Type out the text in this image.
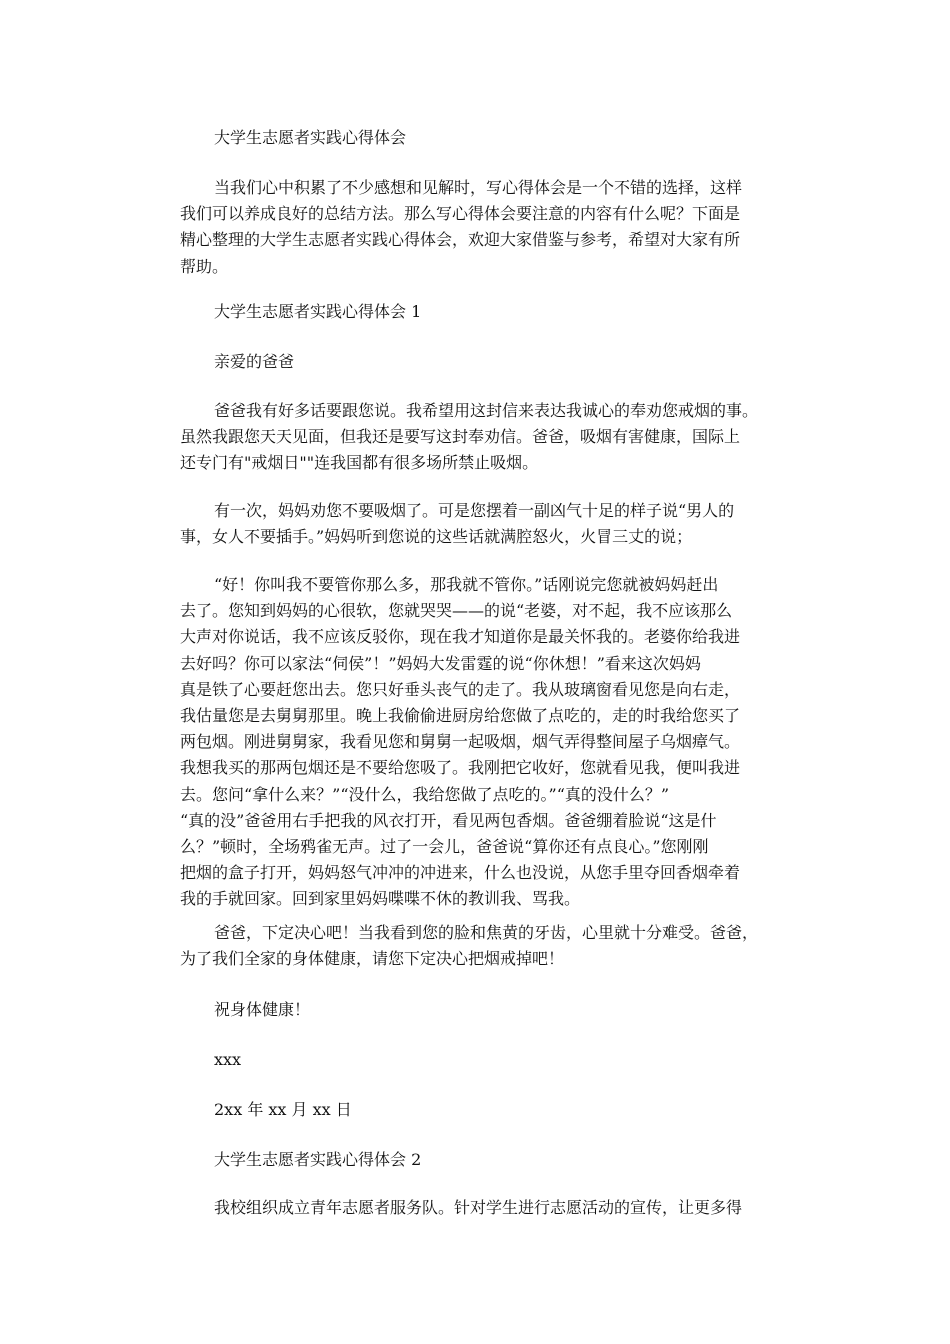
大学生志愿者实践心得体会
当我们心中积累了不少感想和见解时，写心得体会是一个不错的选择，这样
我们可以养成良好的总结方法。那么写心得体会要注意的内容有什么呢？下面是
精心整理的大学生志愿者实践心得体会，欢迎大家借鉴与参考，希望对大家有所
帮助。
大学生志愿者实践心得体会 1
亲爱的爸爸
爸爸我有好多话要跟您说。我希望用这封信来表达我诚心的奉劝您戒烟的事。
虽然我跟您天天见面，但我还是要写这封奉劝信。爸爸，吸烟有害健康，国际上
还专门有"戒烟日""连我国都有很多场所禁止吸烟。
有一次，妈妈劝您不要吸烟了。可是您摆着一副凶气十足的样子说“男人的
事，女人不要插手。”妈妈听到您说的这些话就满腔怒火，火冒三丈的说；
“好！你叫我不要管你那么多，那我就不管你。”话刚说完您就被妈妈赶出
去了。您知到妈妈的心很软，您就哭哭——的说“老婆，对不起，我不应该那么
大声对你说话，我不应该反驳你，现在我才知道你是最关怀我的。老婆你给我进
去好吗？你可以家法“伺侯”！”妈妈大发雷霆的说“你休想！”看来这次妈妈
真是铁了心要赶您出去。您只好垂头丧气的走了。我从玻璃窗看见您是向右走，
我估量您是去舅舅那里。晚上我偷偷进厨房给您做了点吃的，走的时我给您买了
两包烟。刚进舅舅家，我看见您和舅舅一起吸烟，烟气弄得整间屋子乌烟瘴气。
我想我买的那两包烟还是不要给您吸了。我刚把它收好，您就看见我，便叫我进
去。您问“拿什么来？”“没什么，我给您做了点吃的。”“真的没什么？”
“真的没”爸爸用右手把我的风衣打开，看见两包香烟。爸爸绷着脸说“这是什
么？”顿时，全场鸦雀无声。过了一会儿，爸爸说“算你还有点良心。”您刚刚
把烟的盒子打开，妈妈怒气冲冲的冲进来，什么也没说，从您手里夺回香烟牵着
我的手就回家。回到家里妈妈喋喋不休的教训我、骂我。
爸爸，下定决心吧！当我看到您的脸和焦黄的牙齿，心里就十分难受。爸爸，
为了我们全家的身体健康，请您下定决心把烟戒掉吧！
祝身体健康！
xxx
2xx 年 xx 月 xx 日
大学生志愿者实践心得体会 2
我校组织成立青年志愿者服务队。针对学生进行志愿活动的宣传，让更多得
